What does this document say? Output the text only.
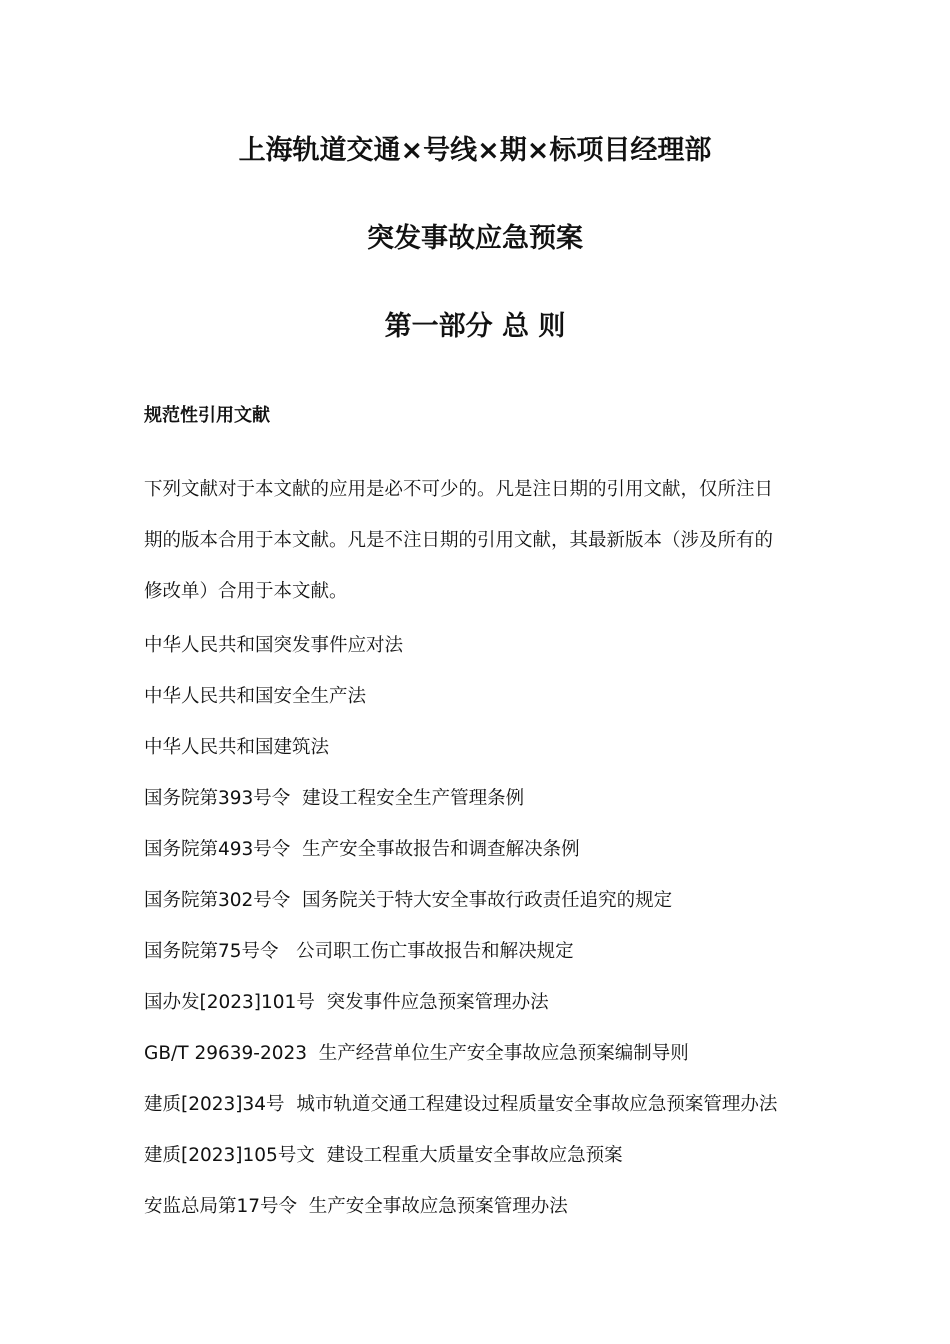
上海轨道交通×号线×期×标项目经理部
突发事故应急预案
第一部分 总 则
规范性引用文献
下列文献对于本文献的应用是必不可少的。凡是注日期的引用文献，仅所注日
期的版本合用于本文献。凡是不注日期的引用文献，其最新版本（涉及所有的
修改单）合用于本文献。
中华人民共和国突发事件应对法
中华人民共和国安全生产法
中华人民共和国建筑法
国务院第393号令  建设工程安全生产管理条例
国务院第493号令  生产安全事故报告和调查解决条例
国务院第302号令  国务院关于特大安全事故行政责任追究的规定
国务院第75号令   公司职工伤亡事故报告和解决规定
国办发[2023]101号  突发事件应急预案管理办法
GB/T 29639-2023  生产经营单位生产安全事故应急预案编制导则
建质[2023]34号  城市轨道交通工程建设过程质量安全事故应急预案管理办法
建质[2023]105号文  建设工程重大质量安全事故应急预案
安监总局第17号令  生产安全事故应急预案管理办法
